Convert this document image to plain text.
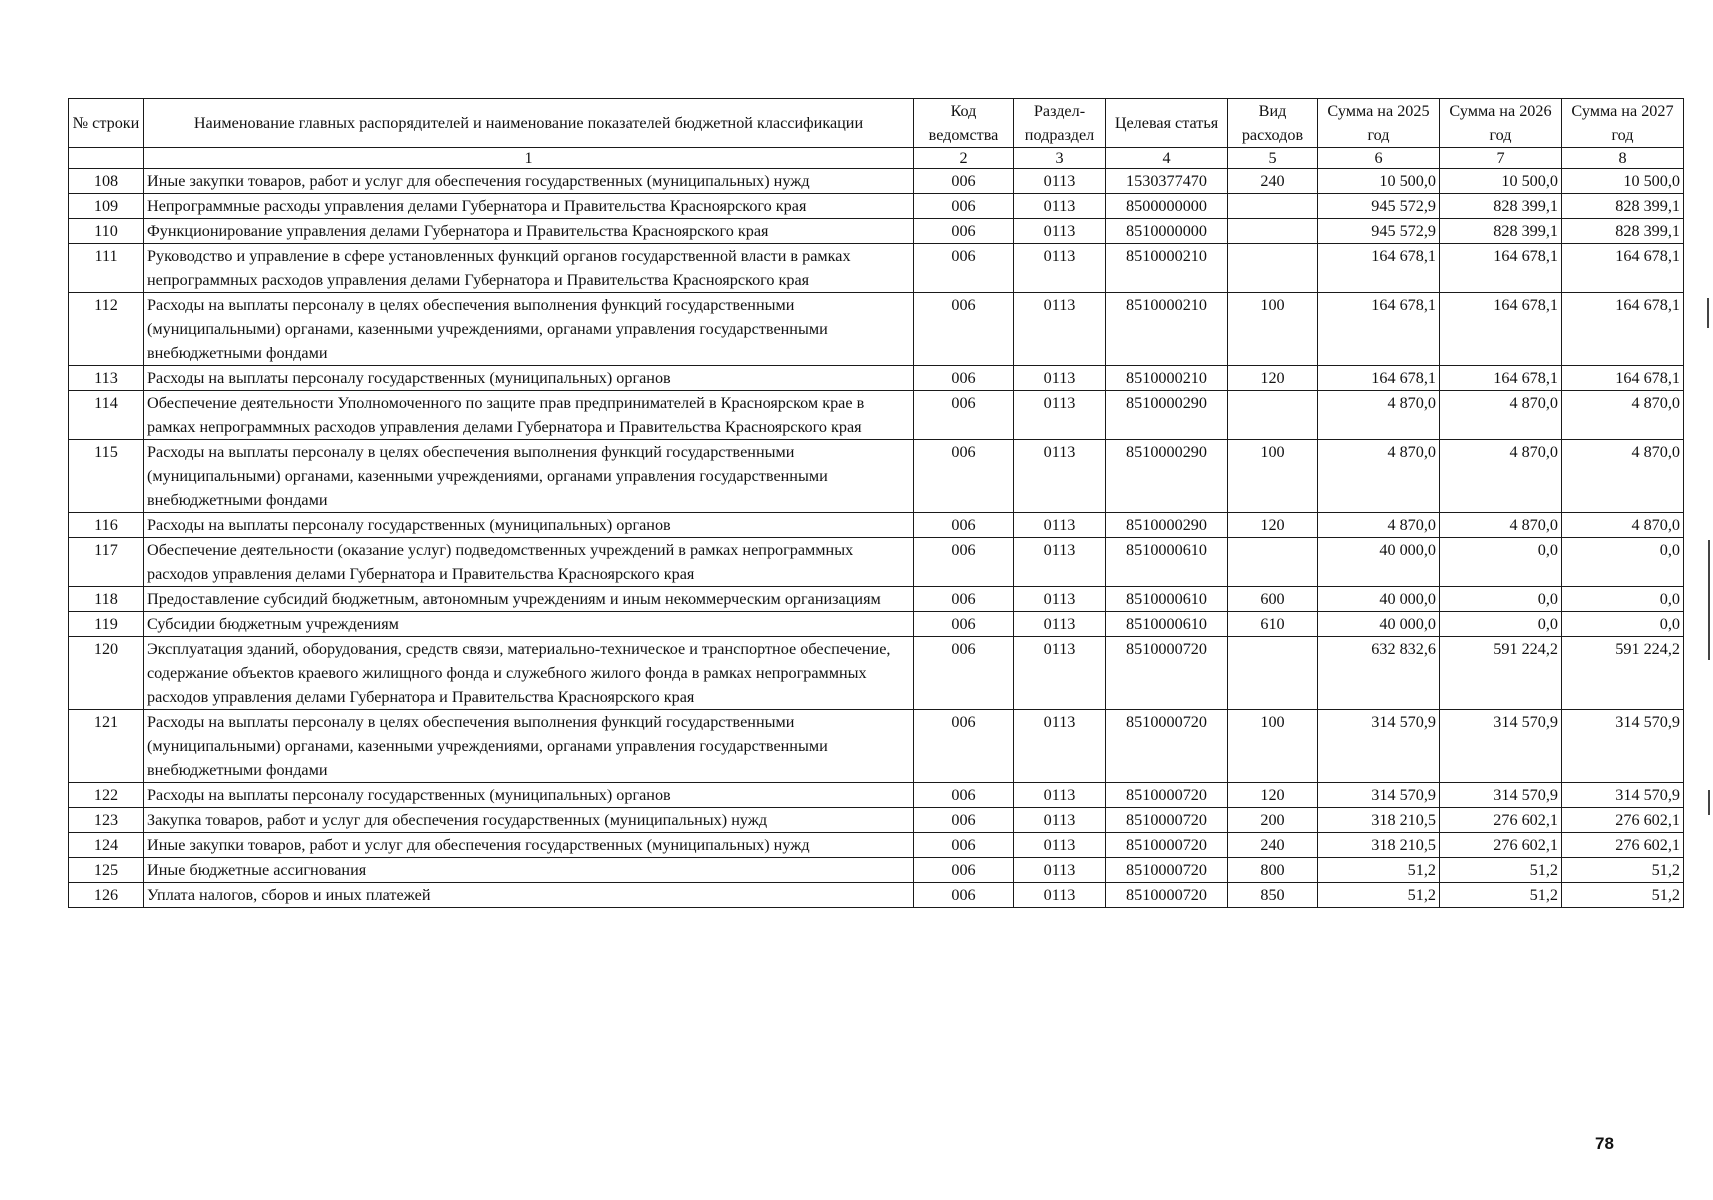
№ строки	Наименование главных распорядителей и наименование показателей бюджетной классификации	Код ведомства	Раздел-подраздел	Целевая статья	Вид расходов	Сумма на 2025 год	Сумма на 2026 год	Сумма на 2027 год
	1	2	3	4	5	6	7	8
108	Иные закупки товаров, работ и услуг для обеспечения государственных (муниципальных) нужд	006	0113	1530377470	240	10 500,0	10 500,0	10 500,0
109	Непрограммные расходы управления делами Губернатора и Правительства Красноярского края	006	0113	8500000000		945 572,9	828 399,1	828 399,1
110	Функционирование управления делами Губернатора и Правительства Красноярского края	006	0113	8510000000		945 572,9	828 399,1	828 399,1
111	Руководство и управление в сфере установленных функций органов государственной власти в рамках непрограммных расходов управления делами Губернатора и Правительства Красноярского края	006	0113	8510000210		164 678,1	164 678,1	164 678,1
112	Расходы на выплаты персоналу в целях обеспечения выполнения функций государственными (муниципальными) органами, казенными учреждениями, органами управления государственными внебюджетными фондами	006	0113	8510000210	100	164 678,1	164 678,1	164 678,1
113	Расходы на выплаты персоналу государственных (муниципальных) органов	006	0113	8510000210	120	164 678,1	164 678,1	164 678,1
114	Обеспечение деятельности Уполномоченного по защите прав предпринимателей в Красноярском крае в рамках непрограммных расходов управления делами Губернатора и Правительства Красноярского края	006	0113	8510000290		4 870,0	4 870,0	4 870,0
115	Расходы на выплаты персоналу в целях обеспечения выполнения функций государственными (муниципальными) органами, казенными учреждениями, органами управления государственными внебюджетными фондами	006	0113	8510000290	100	4 870,0	4 870,0	4 870,0
116	Расходы на выплаты персоналу государственных (муниципальных) органов	006	0113	8510000290	120	4 870,0	4 870,0	4 870,0
117	Обеспечение деятельности (оказание услуг) подведомственных учреждений в рамках непрограммных расходов управления делами Губернатора и Правительства Красноярского края	006	0113	8510000610		40 000,0	0,0	0,0
118	Предоставление субсидий бюджетным, автономным учреждениям и иным некоммерческим организациям	006	0113	8510000610	600	40 000,0	0,0	0,0
119	Субсидии бюджетным учреждениям	006	0113	8510000610	610	40 000,0	0,0	0,0
120	Эксплуатация зданий, оборудования, средств связи, материально-техническое и транспортное обеспечение, содержание объектов краевого жилищного фонда и служебного жилого фонда в рамках непрограммных расходов управления делами Губернатора и Правительства Красноярского края	006	0113	8510000720		632 832,6	591 224,2	591 224,2
121	Расходы на выплаты персоналу в целях обеспечения выполнения функций государственными (муниципальными) органами, казенными учреждениями, органами управления государственными внебюджетными фондами	006	0113	8510000720	100	314 570,9	314 570,9	314 570,9
122	Расходы на выплаты персоналу государственных (муниципальных) органов	006	0113	8510000720	120	314 570,9	314 570,9	314 570,9
123	Закупка товаров, работ и услуг для обеспечения государственных (муниципальных) нужд	006	0113	8510000720	200	318 210,5	276 602,1	276 602,1
124	Иные закупки товаров, работ и услуг для обеспечения государственных (муниципальных) нужд	006	0113	8510000720	240	318 210,5	276 602,1	276 602,1
125	Иные бюджетные ассигнования	006	0113	8510000720	800	51,2	51,2	51,2
126	Уплата налогов, сборов и иных платежей	006	0113	8510000720	850	51,2	51,2	51,2
78
